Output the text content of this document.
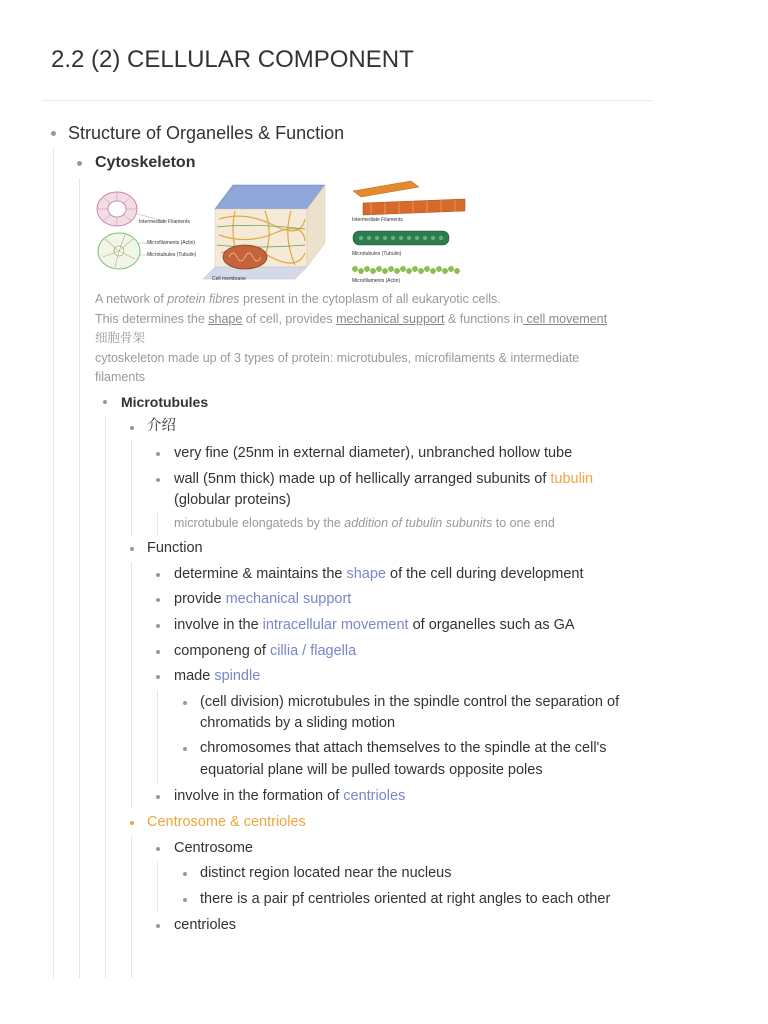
2.2 (2) CELLULAR COMPONENT
Structure of Organelles & Function
Cytoskeleton
Intermediate Filaments
Microfilaments (Actin)
Microtubules (Tubulin)
Cell membrane
Intermediate Filaments
Microtubules (Tubulin)
Microfilaments (Actin)
A network of protein fibres present in the cytoplasm of all eukaryotic cells.
This determines the shape of cell, provides mechanical support & functions in cell movement
细胞骨架
cytoskeleton made up of 3 types of protein: microtubules, microfilaments & intermediate
filaments
Microtubules
介绍
very fine (25nm in external diameter), unbranched hollow tube
wall (5nm thick) made up of hellically arranged subunits of tubulin
(globular proteins)
microtubule elongateds by the addition of tubulin subunits to one end
Function
determine & maintains the shape of the cell during development
provide mechanical support
involve in the intracellular movement of organelles such as GA
componeng of cillia / flagella
made spindle
(cell division) microtubules in the spindle control the separation of
chromatids by a sliding motion
chromosomes that attach themselves to the spindle at the cell's
equatorial plane will be pulled towards opposite poles
involve in the formation of centrioles
Centrosome & centrioles
Centrosome
distinct region located near the nucleus
there is a pair pf centrioles oriented at right angles to each other
centrioles
